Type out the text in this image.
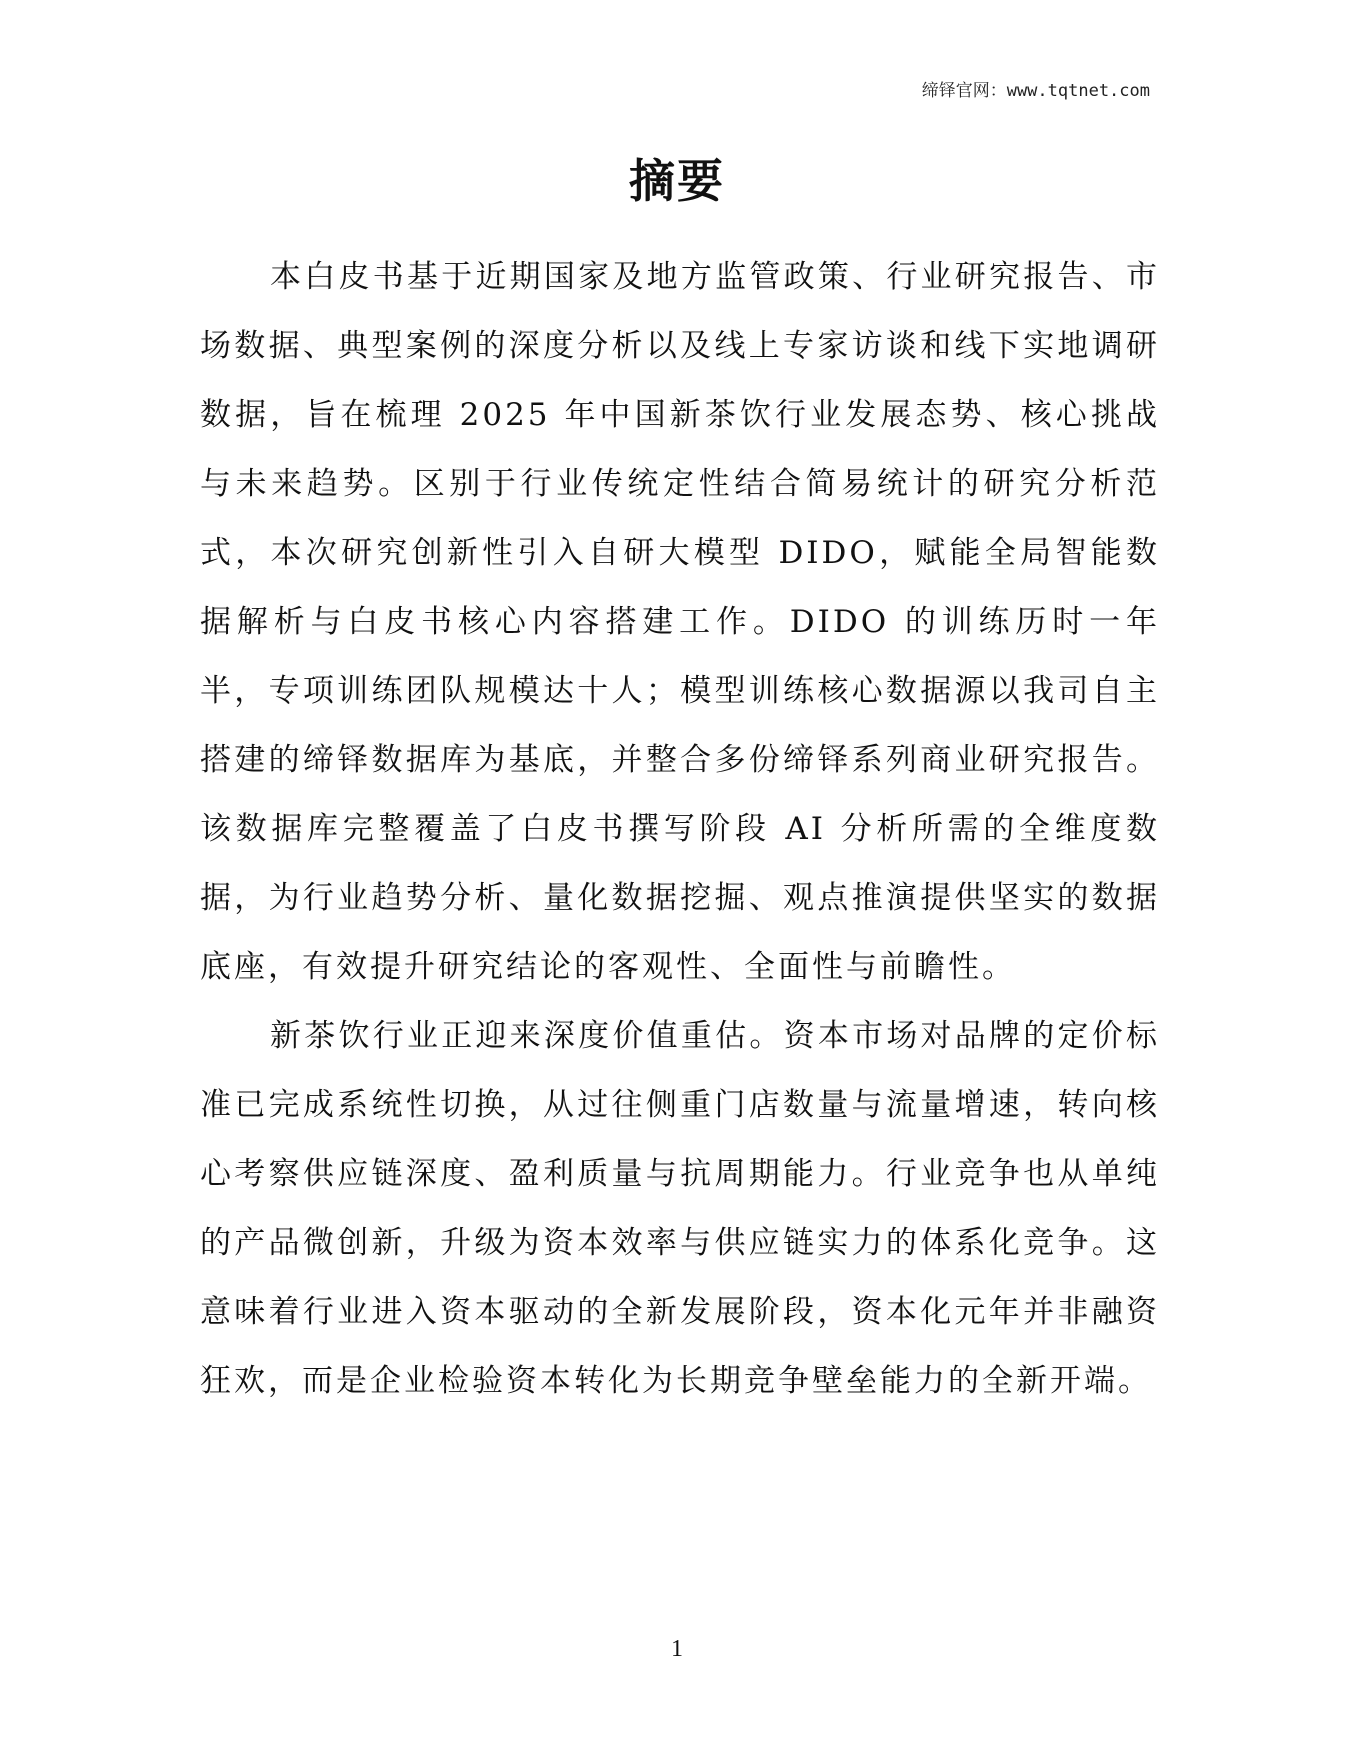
缔铎官网：www.tqtnet.com
摘要

本白皮书基于近期国家及地方监管政策、行业研究报告、市场数据、典型案例的深度分析以及线上专家访谈和线下实地调研数据，旨在梳理 2025 年中国新茶饮行业发展态势、核心挑战与未来趋势。区别于行业传统定性结合简易统计的研究分析范式，本次研究创新性引入自研大模型 DIDO，赋能全局智能数据解析与白皮书核心内容搭建工作。DIDO 的训练历时一年半，专项训练团队规模达十人；模型训练核心数据源以我司自主搭建的缔铎数据库为基底，并整合多份缔铎系列商业研究报告。该数据库完整覆盖了白皮书撰写阶段 AI 分析所需的全维度数据，为行业趋势分析、量化数据挖掘、观点推演提供坚实的数据底座，有效提升研究结论的客观性、全面性与前瞻性。

新茶饮行业正迎来深度价值重估。资本市场对品牌的定价标准已完成系统性切换，从过往侧重门店数量与流量增速，转向核心考察供应链深度、盈利质量与抗周期能力。行业竞争也从单纯的产品微创新，升级为资本效率与供应链实力的体系化竞争。这意味着行业进入资本驱动的全新发展阶段，资本化元年并非融资狂欢，而是企业检验资本转化为长期竞争壁垒能力的全新开端。

1
